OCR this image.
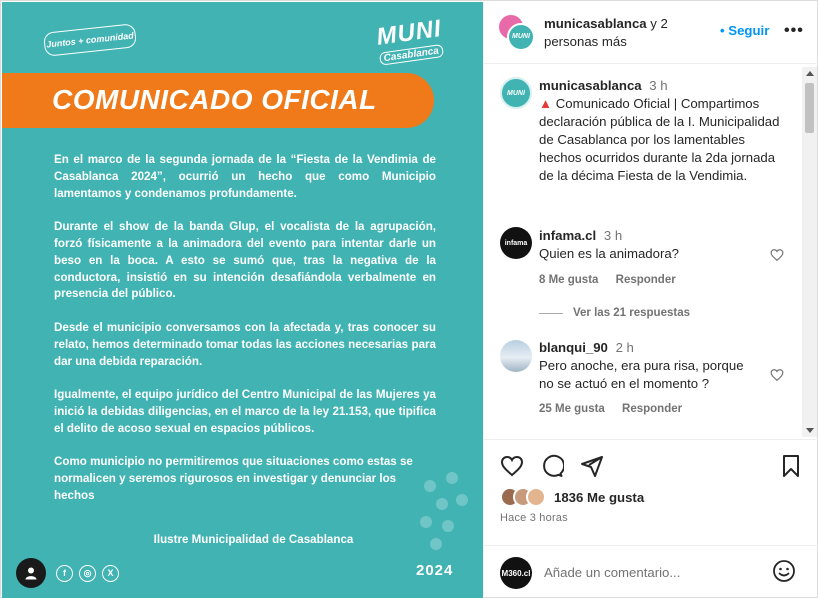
Juntos + comunidad	MUNI
Casablanca
COMUNICADO OFICIAL

En el marco de la segunda jornada de la “Fiesta de la Vendimia de Casablanca 2024”, ocurrió un hecho que como Municipio lamentamos y condenamos profundamente.

Durante el show de la banda Glup, el vocalista de la agrupación, forzó físicamente a la animadora del evento para intentar darle un beso en la boca. A esto se sumó que, tras la negativa de la conductora, insistió en su intención desafiándola verbalmente en presencia del público.

Desde el municipio conversamos con la afectada y, tras conocer su relato, hemos determinado tomar todas las acciones necesarias para dar una debida reparación.

Igualmente, el equipo jurídico del Centro Municipal de las Mujeres ya inició la debidas diligencias, en el marco de la ley 21.153, que tipifica el delito de acoso sexual en espacios públicos.

Como municipio no permitiremos que situaciones como estas se normalicen y seremos rigurosos en investigar y denunciar los hechos

Ilustre Municipalidad de Casablanca
2024
f	◎	X
MUNI
municasablanca y 2 personas más
• Seguir •••
MUNI municasablanca 3 h
▲ Comunicado Oficial | Compartimos declaración pública de la I. Municipalidad de Casablanca por los lamentables hechos ocurridos durante la 2da jornada de la décima Fiesta de la Vendimia.
infama infama.cl 3 h
Quien es la animadora?
8 Me gusta Responder
Ver las 21 respuestas
blanqui_90 2 h
Pero anoche, era pura risa, porque no se actuó en el momento ?
25 Me gusta Responder
1836 Me gusta
Hace 3 horas
M360.cl
Añade un comentario...
